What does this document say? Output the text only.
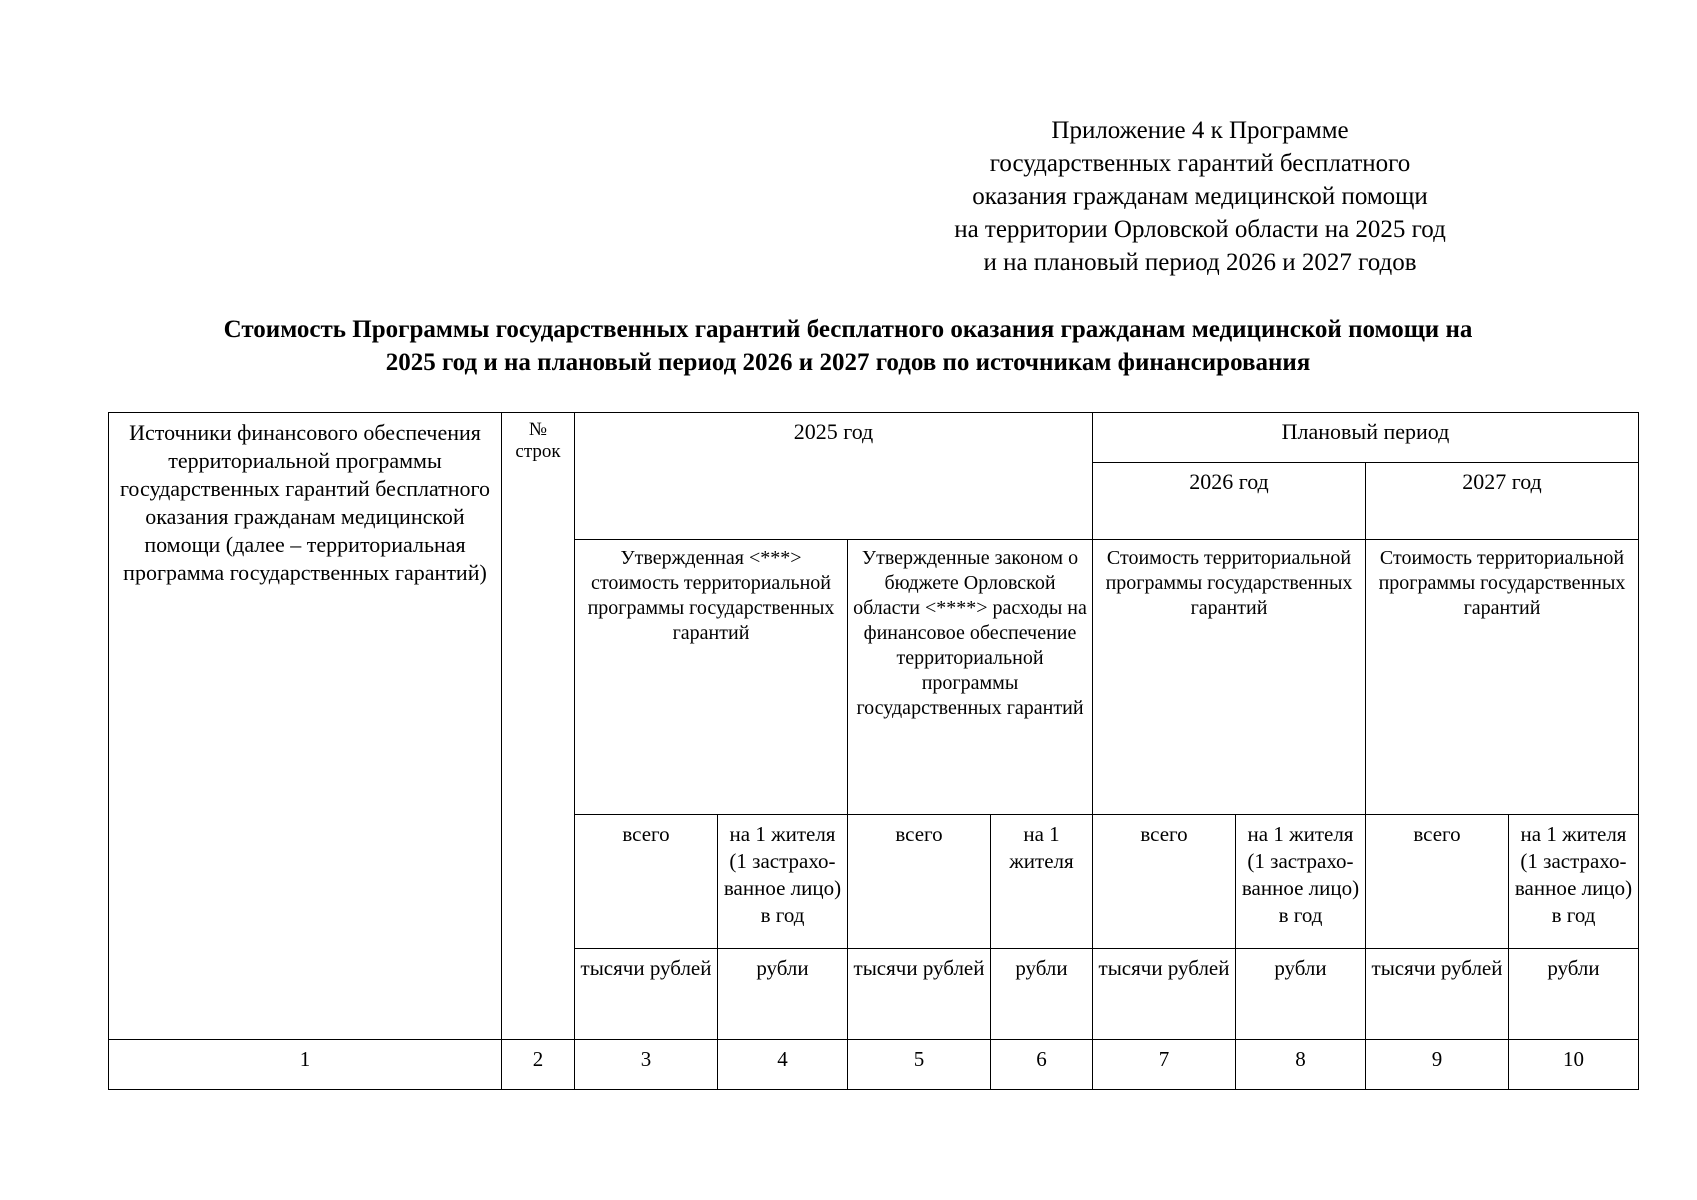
Приложение 4 к Программе
государственных гарантий бесплатного
оказания гражданам медицинской помощи
на территории Орловской области на 2025 год
и на плановый период 2026 и 2027 годов
Стоимость Программы государственных гарантий бесплатного оказания гражданам медицинской помощи на
2025 год и на плановый период 2026 и 2027 годов по источникам финансирования
Источники финансового обеспечения территориальной программы государственных гарантий бесплатного оказания гражданам медицинской помощи (далее – территориальная программа государственных гарантий)	№ строк	2025 год				Плановый период			
						2026 год		2027 год	
		Утвержденная <***> стоимость территориальной программы государственных гарантий		Утвержденные законом о бюджете Орловской области <****> расходы на финансовое обеспечение территориальной программы государственных гарантий		Стоимость территориальной программы государственных гарантий		Стоимость территориальной программы государственных гарантий	
		всего	на 1 жителя (1 застрахо-ванное лицо) в год	всего	на 1 жителя	всего	на 1 жителя (1 застрахо-ванное лицо) в год	всего	на 1 жителя (1 застрахо-ванное лицо) в год
		тысячи рублей	рубли	тысячи рублей	рубли	тысячи рублей	рубли	тысячи рублей	рубли

1	2	3	4	5	6	7	8	9	10
